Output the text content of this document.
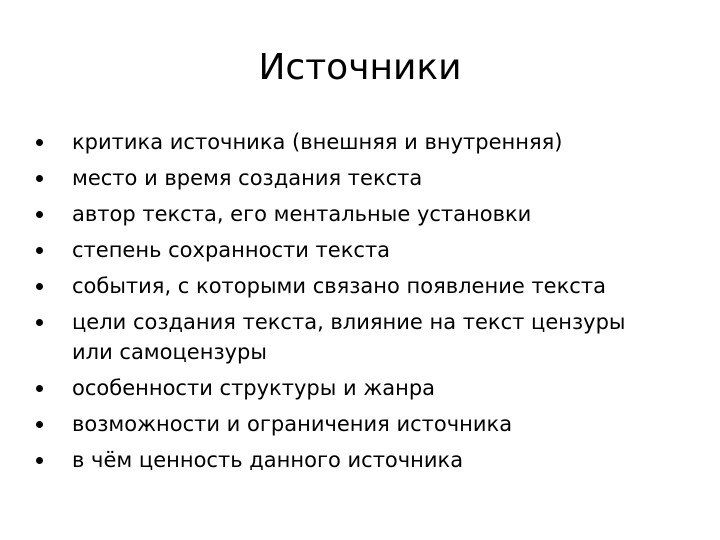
Источники
критика источника (внешняя и внутренняя)
место и время создания текста
автор текста, его ментальные установки
степень сохранности текста
события, с которыми связано появление текста
цели создания текста, влияние на текст цензуры или самоцензуры
особенности структуры и жанра
возможности и ограничения источника
в чём ценность данного источника
